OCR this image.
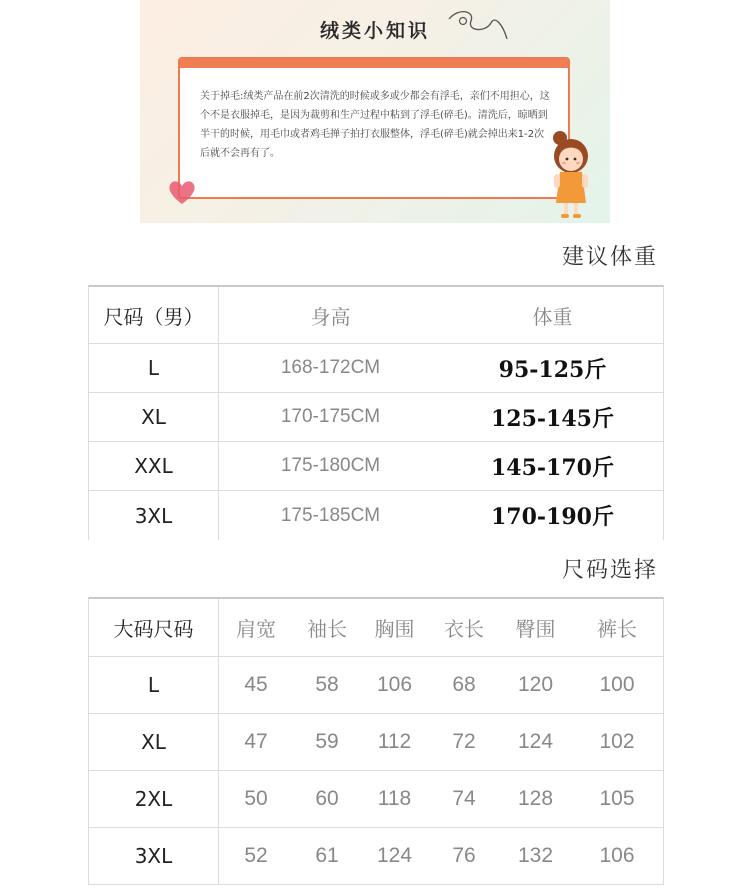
绒类小知识
关于掉毛:绒类产品在前2次清洗的时候或多或少都会有浮毛，亲们不用担心，这个不是衣服掉毛，是因为裁剪和生产过程中粘到了浮毛(碎毛)。清洗后，晾晒到半干的时候，用毛巾或者鸡毛掸子拍打衣服整体，浮毛(碎毛)就会掉出来1-2次后就不会再有了。
建议体重
尺码（男）	身高	体重
L	168-172CM	95-125斤
XL	170-175CM	125-145斤
XXL	175-180CM	145-170斤
3XL	175-185CM	170-190斤
尺码选择
大码尺码	肩宽	袖长	胸围	衣长	臀围	裤长
L	45	58	106	68	120	100
XL	47	59	112	72	124	102
2XL	50	60	118	74	128	105
3XL	52	61	124	76	132	106
